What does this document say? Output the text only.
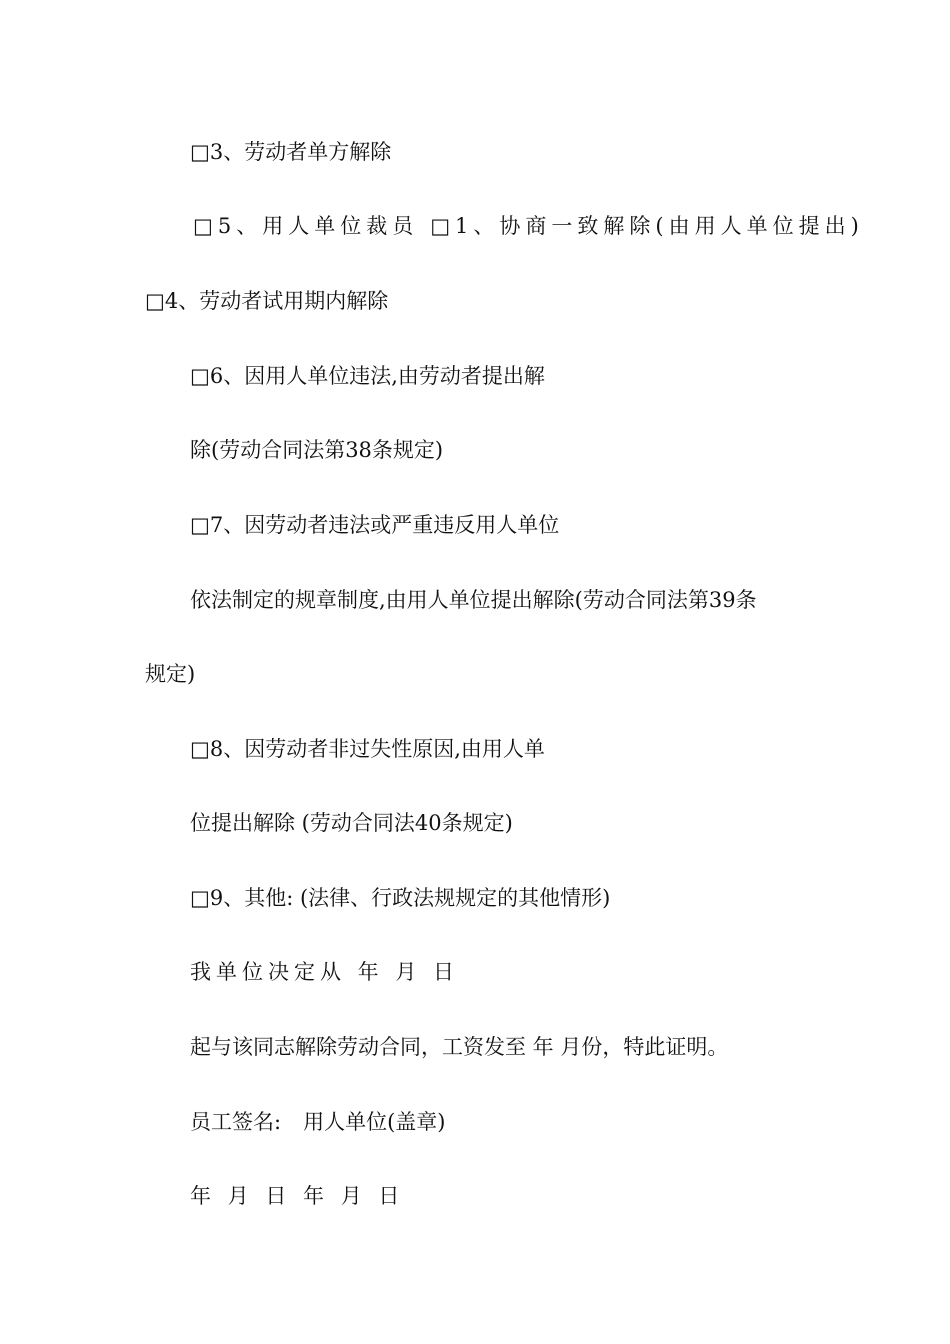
□3、劳动者单方解除
□5、用人单位裁员 □1、协商一致解除(由用人单位提出)
□4、劳动者试用期内解除
□6、因用人单位违法,由劳动者提出解
除(劳动合同法第38条规定)
□7、因劳动者违法或严重违反用人单位
依法制定的规章制度,由用人单位提出解除(劳动合同法第39条
规定)
□8、因劳动者非过失性原因,由用人单
位提出解除 (劳动合同法40条规定)
□9、其他: (法律、行政法规规定的其他情形)
我单位决定从 年 月 日
起与该同志解除劳动合同，工资发至 年 月份，特此证明。
员工签名: 用人单位(盖章)
年 月 日 年 月 日
